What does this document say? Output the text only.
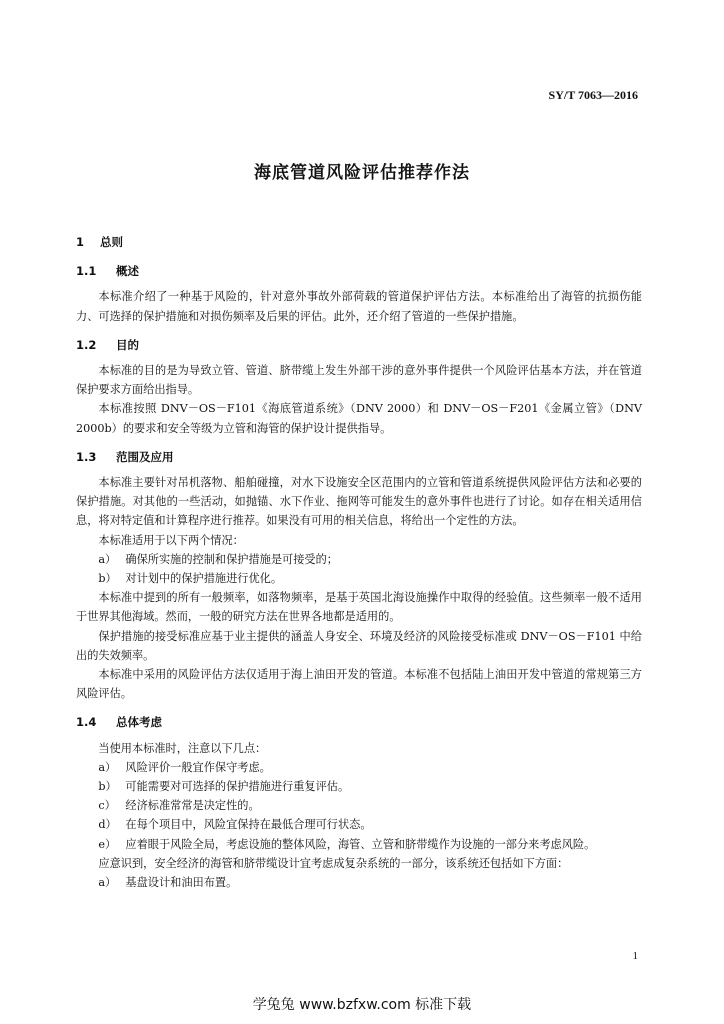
SY/T 7063—2016
海底管道风险评估推荐作法
1 总则
1.1 概述

本标准介绍了一种基于风险的，针对意外事故外部荷载的管道保护评估方法。本标准给出了海管的抗损伤能力、可选择的保护措施和对损伤频率及后果的评估。此外，还介绍了管道的一些保护措施。

1.2 目的

本标准的目的是为导致立管、管道、脐带缆上发生外部干涉的意外事件提供一个风险评估基本方法，并在管道保护要求方面给出指导。

本标准按照 DNV－OS－F101《海底管道系统》（DNV 2000）和 DNV－OS－F201《金属立管》（DNV 2000b）的要求和安全等级为立管和海管的保护设计提供指导。

1.3 范围及应用

本标准主要针对吊机落物、船舶碰撞，对水下设施安全区范围内的立管和管道系统提供风险评估方法和必要的保护措施。对其他的一些活动，如抛锚、水下作业、拖网等可能发生的意外事件也进行了讨论。如存在相关适用信息，将对特定值和计算程序进行推荐。如果没有可用的相关信息，将给出一个定性的方法。

本标准适用于以下两个情况：

a） 确保所实施的控制和保护措施是可接受的；
b） 对计划中的保护措施进行优化。

本标准中提到的所有一般频率，如落物频率，是基于英国北海设施操作中取得的经验值。这些频率一般不适用于世界其他海域。然而，一般的研究方法在世界各地都是适用的。

保护措施的接受标准应基于业主提供的涵盖人身安全、环境及经济的风险接受标准或 DNV－OS－F101 中给出的失效频率。

本标准中采用的风险评估方法仅适用于海上油田开发的管道。本标准不包括陆上油田开发中管道的常规第三方风险评估。

1.4 总体考虑

当使用本标准时，注意以下几点：

a） 风险评价一般宜作保守考虑。
b） 可能需要对可选择的保护措施进行重复评估。
c） 经济标准常常是决定性的。
d） 在每个项目中，风险宜保持在最低合理可行状态。
e） 应着眼于风险全局，考虑设施的整体风险，海管、立管和脐带缆作为设施的一部分来考虑风险。

应意识到，安全经济的海管和脐带缆设计宜考虑成复杂系统的一部分，该系统还包括如下方面：

a） 基盘设计和油田布置。
1
学兔兔 www.bzfxw.com 标准下载
